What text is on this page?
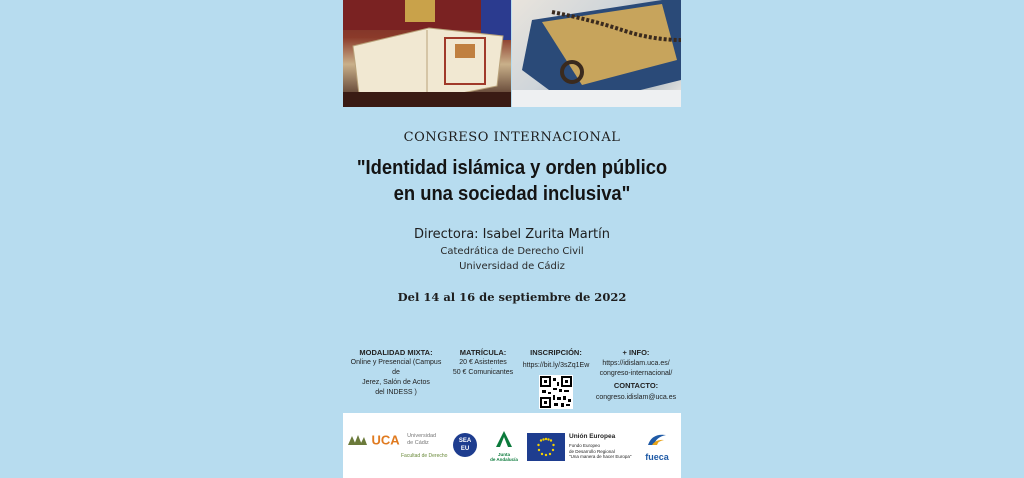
CONGRESO INTERNACIONAL
"Identidad islámica y orden público
en una sociedad inclusiva"
Directora: Isabel Zurita Martín
Catedrática de Derecho Civil
Universidad de Cádiz
Del 14 al 16 de septiembre de 2022
MODALIDAD MIXTA:
Online y Presencial (Campus de
Jerez, Salón de Actos
del INDESS )
MATRÍCULA:
20 € Asistentes
50 € Comunicantes
INSCRIPCIÓN:
https://bit.ly/3sZq1Ew
+ INFO:
https://idislam.uca.es/
congreso-internacional/
CONTACTO:
congreso.idislam@uca.es
UCA Universidad
de Cádiz
Facultad de Derecho
SEA
EU
Junta
de Andalucía
Unión Europea
Fondo Europeo
de Desarrollo Regional
"Una manera de hacer Europa"	fueca
